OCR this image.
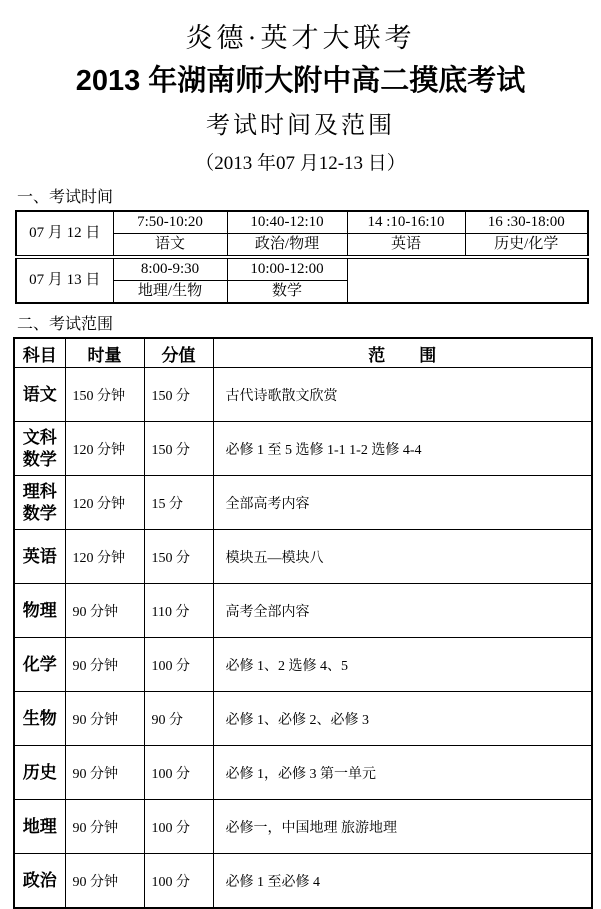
炎德·英才大联考
2013 年湖南师大附中高二摸底考试
考试时间及范围
（2013 年07 月12-13 日）
一、考试时间
07 月 12 日	7:50-10:20	10:40-12:10	14 :10-16:10	16 :30-18:00
	语文	政治/物理	英语	历史/化学
07 月 13 日	8:00-9:30	10:00-12:00		
	地理/生物	数学		
二、考试范围
科目	时量	分值	范　　围
语文	150 分钟	150 分	古代诗歌散文欣赏
文科数学	120 分钟	150 分	必修 1 至 5 选修 1-1 1-2 选修 4-4
理科数学	120 分钟	15 分	全部高考内容
英语	120 分钟	150 分	模块五—模块八
物理	90 分钟	110 分	高考全部内容
化学	90 分钟	100 分	必修 1、2 选修 4、5
生物	90 分钟	90 分	必修 1、必修 2、必修 3
历史	90 分钟	100 分	必修 1，必修 3 第一单元
地理	90 分钟	100 分	必修一，中国地理 旅游地理
政治	90 分钟	100 分	必修 1 至必修 4
